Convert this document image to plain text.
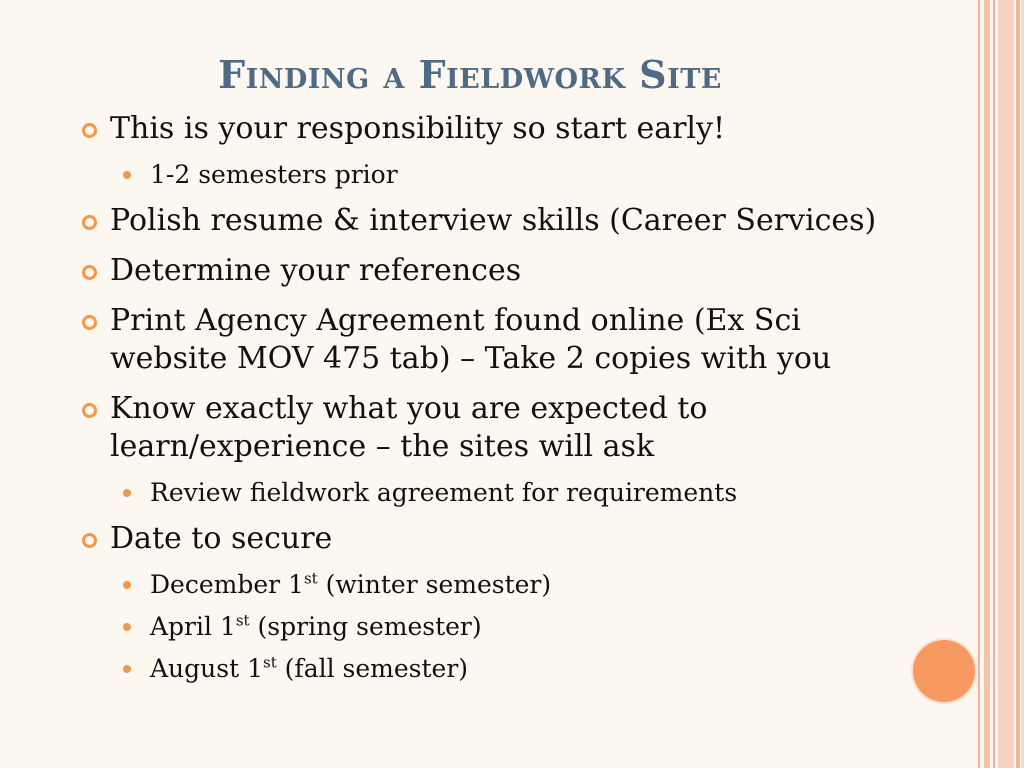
Finding a Fieldwork Site
This is your responsibility so start early!
1-2 semesters prior
Polish resume & interview skills (Career Services)
Determine your references
Print Agency Agreement found online (Ex Sci
website MOV 475 tab) – Take 2 copies with you
Know exactly what you are expected to
learn/experience – the sites will ask
Review fieldwork agreement for requirements
Date to secure
December 1st (winter semester)
April 1st (spring semester)
August 1st (fall semester)
